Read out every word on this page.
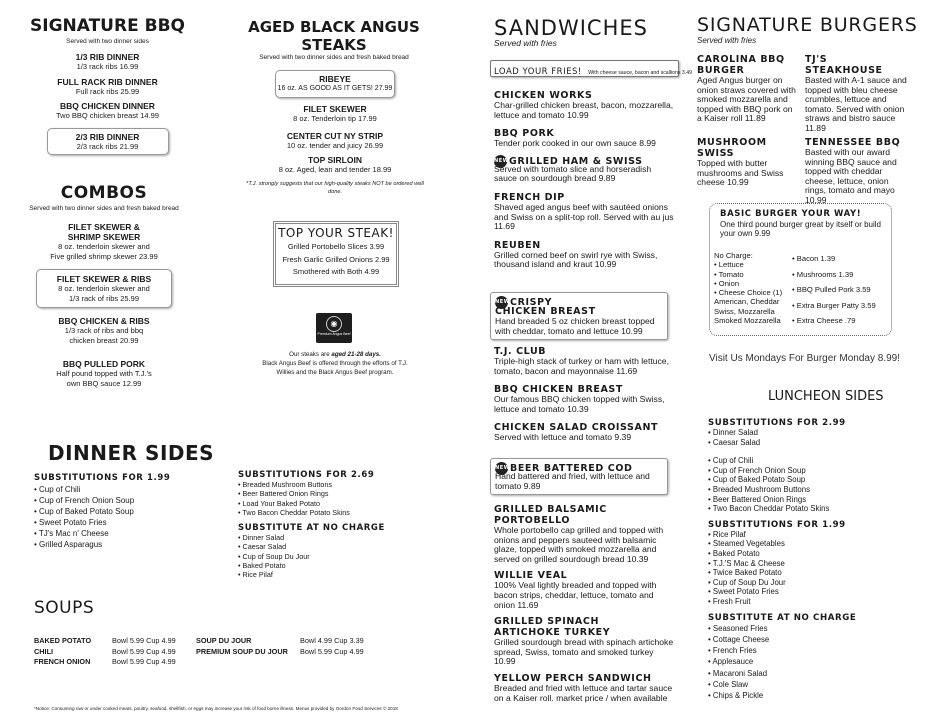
SIGNATURE BBQ
Served with two dinner sides
1/3 RIB DINNER
1/3 rack ribs 16.99
FULL RACK RIB DINNER
Full rack ribs 25.99
BBQ CHICKEN DINNER
Two BBQ chicken breast 14.99
2/3 RIB DINNER
2/3 rack ribs 21.99
COMBOS
Served with two dinner sides and fresh baked bread
FILET SKEWER &
SHRIMP SKEWER
8 oz. tenderloin skewer and
Five grilled shrimp skewer 23.99
FILET SKEWER & RIBS
8 oz. tenderloin skewer and
1/3 rack of ribs 25.99
BBQ CHICKEN & RIBS
1/3 rack of ribs and bbq
chicken breast 20.99
BBQ PULLED PORK
Half pound topped with T.J.'s
own BBQ sauce 12.99
AGED BLACK ANGUS STEAKS
Served with two dinner sides and fresh baked bread
RIBEYE
16 oz. AS GOOD AS IT GETS! 27.99
FILET SKEWER
8 oz. Tenderloin tip 17.99
CENTER CUT NY STRIP
10 oz. tender and juicy 26.99
TOP SIRLOIN
8 oz. Aged, lean and tender 18.99
*T.J. strongly suggests that our high-quality steaks NOT be ordered well done.
TOP YOUR STEAK!
Grilled Portobello Slices 3.99
Fresh Garlic Grilled Onions 2.99
Smothered with Both 4.99
◉
Premium Angus Beef
Our steaks are aged 21-28 days.
Black Angus Beef is offered through the efforts of T.J.
Willies and the Black Angus Beef program.
DINNER SIDES
SUBSTITUTIONS FOR 1.99
• Cup of Chili
• Cup of French Onion Soup
• Cup of Baked Potato Soup
• Sweet Potato Fries
• TJ's Mac n' Cheese
• Grilled Asparagus
SUBSTITUTIONS FOR 2.69
• Breaded Mushroom Buttons
• Beer Battered Onion Rings
• Load Your Baked Potato
• Two Bacon Cheddar Potato Skins
SUBSTITUTE AT NO CHARGE
• Dinner Salad
• Caesar Salad
• Cup of Soup Du Jour
• Baked Potato
• Rice Pilaf
SOUPS
BAKED POTATO	Bowl 5.99 Cup 4.99
CHILI	Bowl 5.99 Cup 4.99
FRENCH ONION	Bowl 5.99 Cup 4.99
SOUP DU JOUR	Bowl 4.99 Cup 3.39
PREMIUM SOUP DU JOUR Bowl 5.99 Cup 4.99
*Notice: Consuming raw or under cooked meats, poultry, seafood, shellfish, or eggs may increase your risk of food borne illness. Menus provided by Gordon Food Services © 2018
SANDWICHES
Served with fries
LOAD YOUR FRIES! With cheese sauce, bacon and scallions 3.49
CHICKEN WORKS
Char-grilled chicken breast, bacon, mozzarella, lettuce and tomato 10.99
BBQ PORK
Tender pork cooked in our own sauce 8.99
NEWGRILLED HAM & SWISS
Served with tomato slice and horseradish sauce on sourdough bread 9.89
FRENCH DIP
Shaved aged angus beef with sautéed onions and Swiss on a split-top roll. Served with au jus 11.69
REUBEN
Grilled corned beef on swirl rye with Swiss, thousand island and kraut 10.99
NEWCRISPY
CHICKEN BREAST
Hand breaded 5 oz chicken breast topped with cheddar, tomato and lettuce 10.99
T.J. CLUB
Triple-high stack of turkey or ham with lettuce, tomato, bacon and mayonnaise 11.69
BBQ CHICKEN BREAST
Our famous BBQ chicken topped with Swiss, lettuce and tomato 10.39
CHICKEN SALAD CROISSANT
Served with lettuce and tomato 9.39
NEWBEER BATTERED COD
Hand battered and fried, with lettuce and tomato 9.89
GRILLED BALSAMIC PORTOBELLO
Whole portobello cap grilled and topped with onions and peppers sauteed with balsamic glaze, topped with smoked mozzarella and served on grilled sourdough bread 10.39
WILLIE VEAL
100% Veal lightly breaded and topped with bacon strips, cheddar, lettuce, tomato and onion 11.69
GRILLED SPINACH
ARTICHOKE TURKEY
Grilled sourdough bread with spinach artichoke spread, Swiss, tomato and smoked turkey 10.99
YELLOW PERCH SANDWICH
Breaded and fried with lettuce and tartar sauce on a Kaiser roll. market price / when available
SIGNATURE BURGERS
Served with fries
CAROLINA BBQ
BURGER
Aged Angus burger on onion straws covered with smoked mozzarella and topped with BBQ pork on a Kaiser roll 11.89
TJ'S STEAKHOUSE
Basted with A-1 sauce and topped with bleu cheese crumbles, lettuce and tomato. Served with onion straws and bistro sauce 11.89
MUSHROOM SWISS
Topped with butter mushrooms and Swiss cheese 10.99
TENNESSEE BBQ
Basted with our award winning BBQ sauce and topped with cheddar cheese, lettuce, onion rings, tomato and mayo 10.99
BASIC BURGER YOUR WAY!
One third pound burger great by itself or build your own 9.99
No Charge:
• Lettuce
• Tomato
• Onion
• Cheese Choice (1)
American, Cheddar Swiss, Mozzarella Smoked Mozzarella
• Bacon 1.39
• Mushrooms 1.39
• BBQ Pulled Pork 3.59
• Extra Burger Patty 3.59
• Extra Cheese .79
Visit Us Mondays For Burger Monday 8.99!
LUNCHEON SIDES
SUBSTITUTIONS FOR 2.99
• Dinner Salad
• Caesar Salad
• Cup of Chili
• Cup of French Onion Soup
• Cup of Baked Potato Soup
• Breaded Mushroom Buttons
• Beer Battered Onion Rings
• Two Bacon Cheddar Potato Skins
SUBSTITUTIONS FOR 1.99
• Rice Pilaf
• Steamed Vegetables
• Baked Potato
• T.J.'S Mac & Cheese
• Twice Baked Potato
• Cup of Soup Du Jour
• Sweet Potato Fries
• Fresh Fruit
SUBSTITUTE AT NO CHARGE
• Seasoned Fries
• Cottage Cheese
• French Fries
• Applesauce
• Macaroni Salad
• Cole Slaw
• Chips & Pickle
